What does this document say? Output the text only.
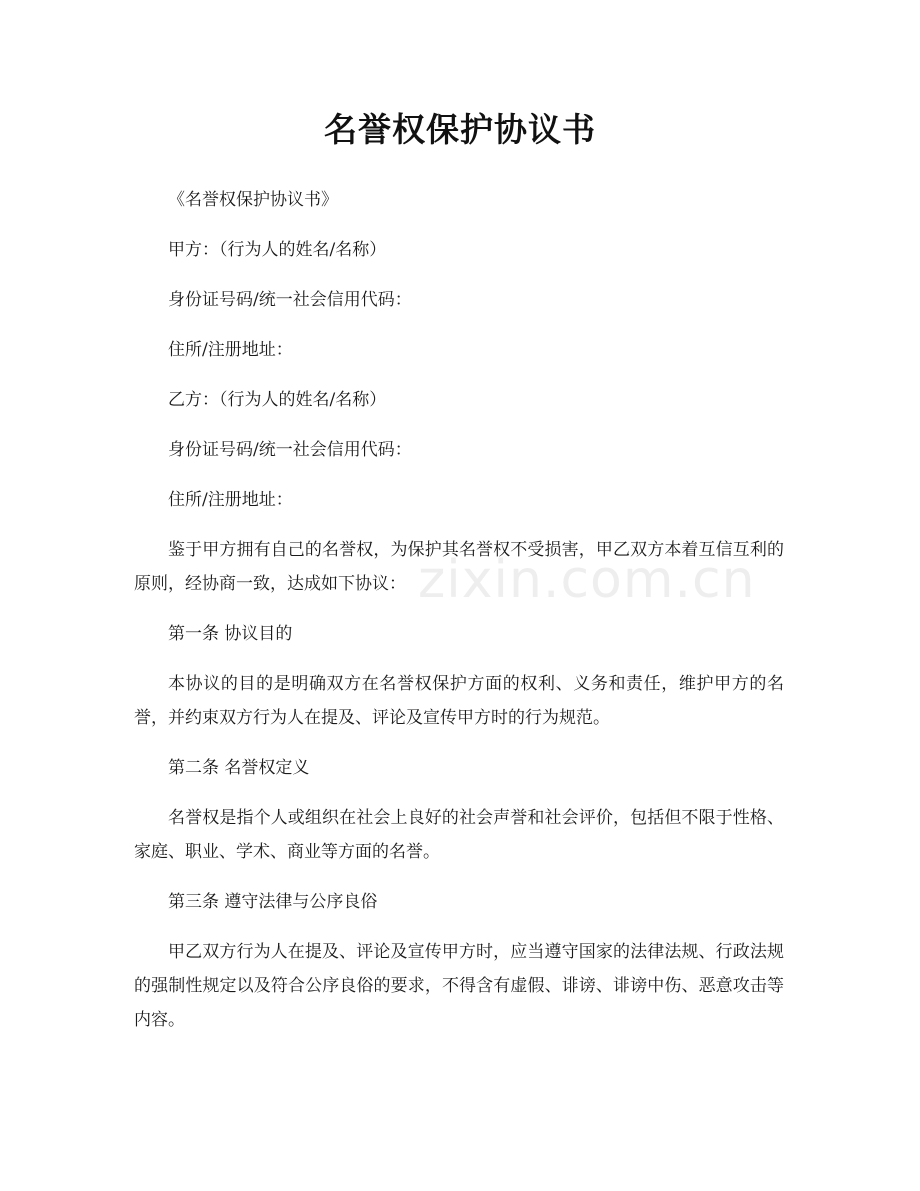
名誉权保护协议书

《名誉权保护协议书》

甲方：（行为人的姓名/名称）

身份证号码/统一社会信用代码：

住所/注册地址：

乙方：（行为人的姓名/名称）

身份证号码/统一社会信用代码：

住所/注册地址：

鉴于甲方拥有自己的名誉权，为保护其名誉权不受损害，甲乙双方本着互信互利的原则，经协商一致，达成如下协议：

第一条 协议目的

本协议的目的是明确双方在名誉权保护方面的权利、义务和责任，维护甲方的名誉，并约束双方行为人在提及、评论及宣传甲方时的行为规范。

第二条 名誉权定义

名誉权是指个人或组织在社会上良好的社会声誉和社会评价，包括但不限于性格、家庭、职业、学术、商业等方面的名誉。

第三条 遵守法律与公序良俗

甲乙双方行为人在提及、评论及宣传甲方时，应当遵守国家的法律法规、行政法规的强制性规定以及符合公序良俗的要求，不得含有虚假、诽谤、诽谤中伤、恶意攻击等内容。

zixin.com.cn
